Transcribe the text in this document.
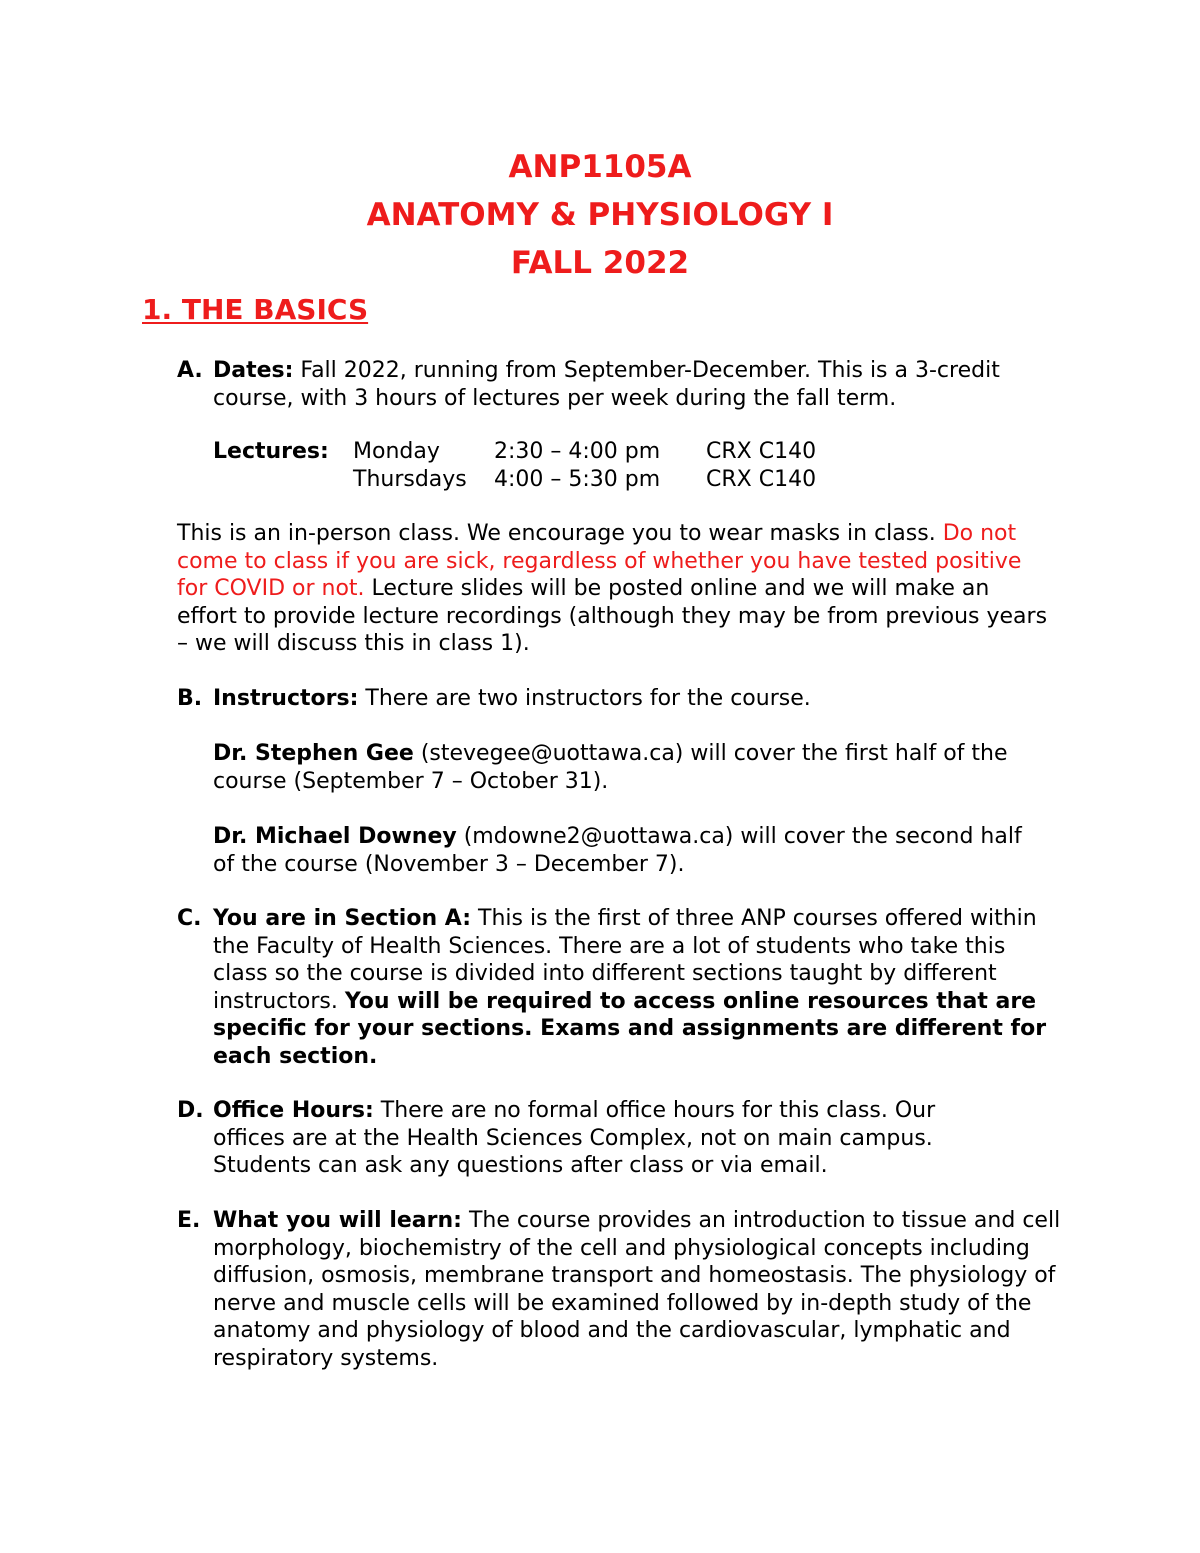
ANP1105A
ANATOMY & PHYSIOLOGY I
FALL 2022
1. THE BASICS
A. Dates: Fall 2022, running from September-December. This is a 3-credit course, with 3 hours of lectures per week during the fall term.
Lectures: Monday 2:30 – 4:00 pm CRX C140
Thursdays 4:00 – 5:30 pm CRX C140
This is an in-person class. We encourage you to wear masks in class. Do not come to class if you are sick, regardless of whether you have tested positive for COVID or not. Lecture slides will be posted online and we will make an effort to provide lecture recordings (although they may be from previous years – we will discuss this in class 1).
B. Instructors: There are two instructors for the course.
Dr. Stephen Gee (stevegee@uottawa.ca) will cover the first half of the course (September 7 – October 31).
Dr. Michael Downey (mdowne2@uottawa.ca) will cover the second half of the course (November 3 – December 7).
C. You are in Section A: This is the first of three ANP courses offered within the Faculty of Health Sciences. There are a lot of students who take this class so the course is divided into different sections taught by different instructors. You will be required to access online resources that are specific for your sections. Exams and assignments are different for each section.
D. Office Hours: There are no formal office hours for this class. Our offices are at the Health Sciences Complex, not on main campus. Students can ask any questions after class or via email.
E. What you will learn: The course provides an introduction to tissue and cell morphology, biochemistry of the cell and physiological concepts including diffusion, osmosis, membrane transport and homeostasis. The physiology of nerve and muscle cells will be examined followed by in-depth study of the anatomy and physiology of blood and the cardiovascular, lymphatic and respiratory systems.
